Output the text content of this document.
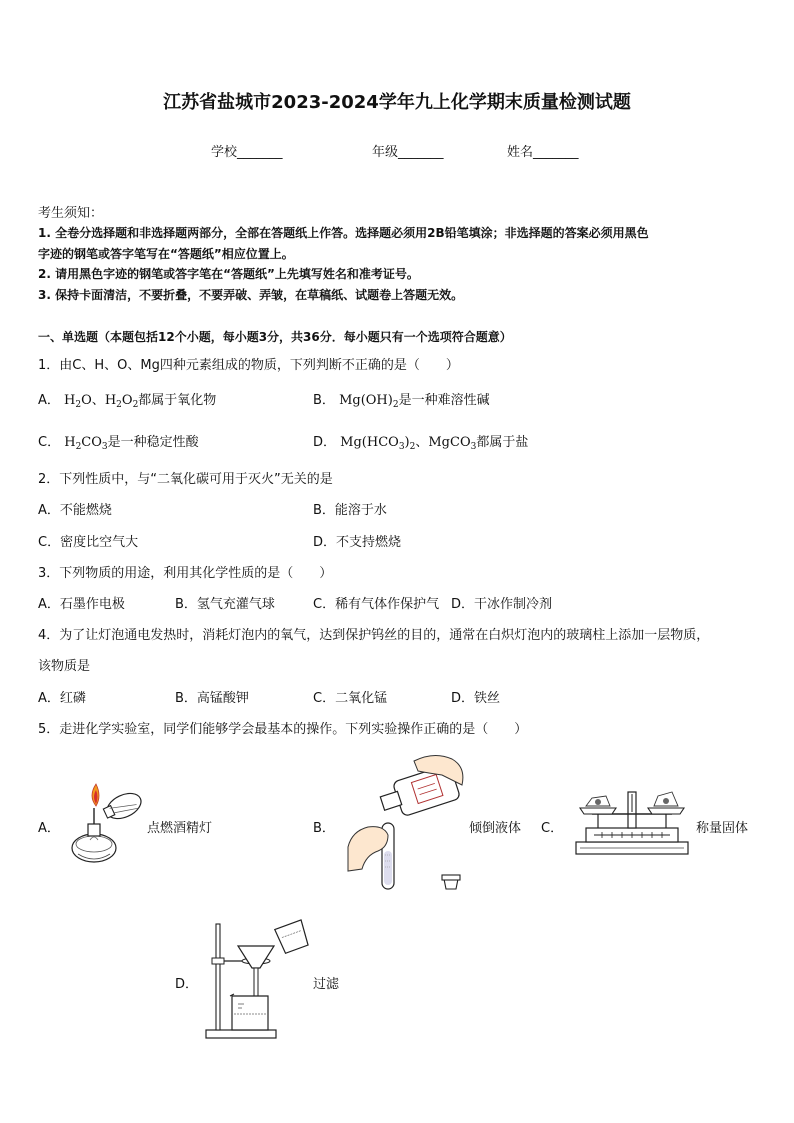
江苏省盐城市2023-2024学年九上化学期末质量检测试题
学校_______	年级_______	姓名_______
考生须知：
1. 全卷分选择题和非选择题两部分，全部在答题纸上作答。选择题必须用2B铅笔填涂；非选择题的答案必须用黑色
字迹的钢笔或答字笔写在“答题纸”相应位置上。
2. 请用黑色字迹的钢笔或答字笔在“答题纸”上先填写姓名和准考证号。
3. 保持卡面清洁，不要折叠，不要弄破、弄皱，在草稿纸、试题卷上答题无效。
一、单选题（本题包括12个小题，每小题3分，共36分．每小题只有一个选项符合题意）
1．由C、H、O、Mg四种元素组成的物质，下列判断不正确的是（　　）
A． $H_2O$、$H_2O_2$都属于氧化物	B． $Mg(OH)_2$是一种难溶性碱
C． $H_2CO_3$是一种稳定性酸	D． $Mg(HCO_3)_2$、MgCO$_3$都属于盐
2．下列性质中，与“二氧化碳可用于灭火”无关的是
A．不能燃烧	B．能溶于水
C．密度比空气大	D．不支持燃烧
3．下列物质的用途，利用其化学性质的是（　　）
A．石墨作电极	B．氢气充灌气球	C．稀有气体作保护气 D．干冰作制冷剂
4．为了让灯泡通电发热时，消耗灯泡内的氧气，达到保护钨丝的目的，通常在白炽灯泡内的玻璃柱上添加一层物质，
该物质是
A．红磷	B．高锰酸钾	C．二氧化锰	D．铁丝
5．走进化学实验室，同学们能够学会最基本的操作。下列实验操作正确的是（　　）
A．	点燃酒精灯	B．	倾倒液体 C．	称量固体
D．	过滤
